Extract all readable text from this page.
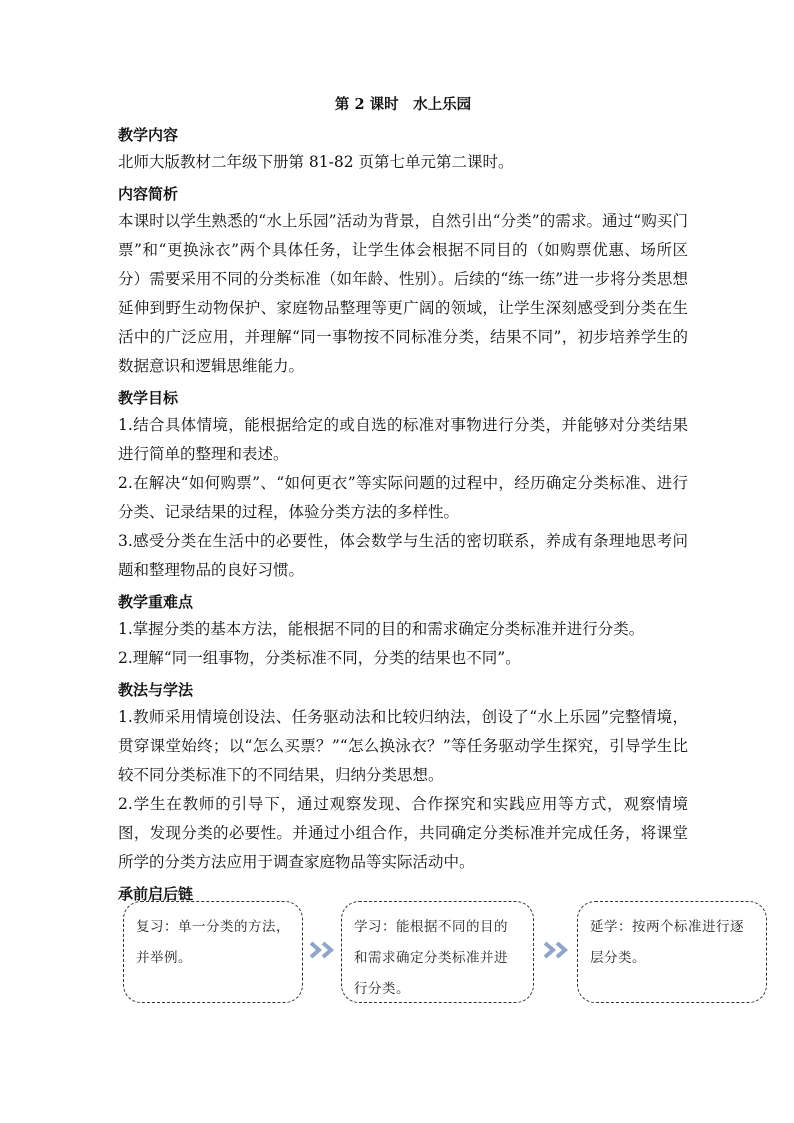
第 2 课时　水上乐园
教学内容

北师大版教材二年级下册第 81-82 页第七单元第二课时。

内容简析

本课时以学生熟悉的“水上乐园”活动为背景，自然引出“分类”的需求。通过“购买门票”和“更换泳衣”两个具体任务，让学生体会根据不同目的（如购票优惠、场所区分）需要采用不同的分类标准（如年龄、性别）。后续的“练一练”进一步将分类思想延伸到野生动物保护、家庭物品整理等更广阔的领域，让学生深刻感受到分类在生活中的广泛应用，并理解“同一事物按不同标准分类，结果不同”，初步培养学生的数据意识和逻辑思维能力。

教学目标

1.结合具体情境，能根据给定的或自选的标准对事物进行分类，并能够对分类结果进行简单的整理和表述。

2.在解决“如何购票”、“如何更衣”等实际问题的过程中，经历确定分类标准、进行分类、记录结果的过程，体验分类方法的多样性。

3.感受分类在生活中的必要性，体会数学与生活的密切联系，养成有条理地思考问题和整理物品的良好习惯。

教学重难点

1.掌握分类的基本方法，能根据不同的目的和需求确定分类标准并进行分类。

2.理解“同一组事物，分类标准不同，分类的结果也不同”。

教法与学法

1.教师采用情境创设法、任务驱动法和比较归纳法，创设了“水上乐园”完整情境，贯穿课堂始终；以“怎么买票？”“怎么换泳衣？”等任务驱动学生探究，引导学生比较不同分类标准下的不同结果，归纳分类思想。

2.学生在教师的引导下，通过观察发现、合作探究和实践应用等方式，观察情境图，发现分类的必要性。并通过小组合作，共同确定分类标准并完成任务，将课堂所学的分类方法应用于调查家庭物品等实际活动中。

承前启后链
复习：单一分类的方法，并举例。
学习：能根据不同的目的和需求确定分类标准并进行分类。
延学：按两个标准进行逐层分类。
